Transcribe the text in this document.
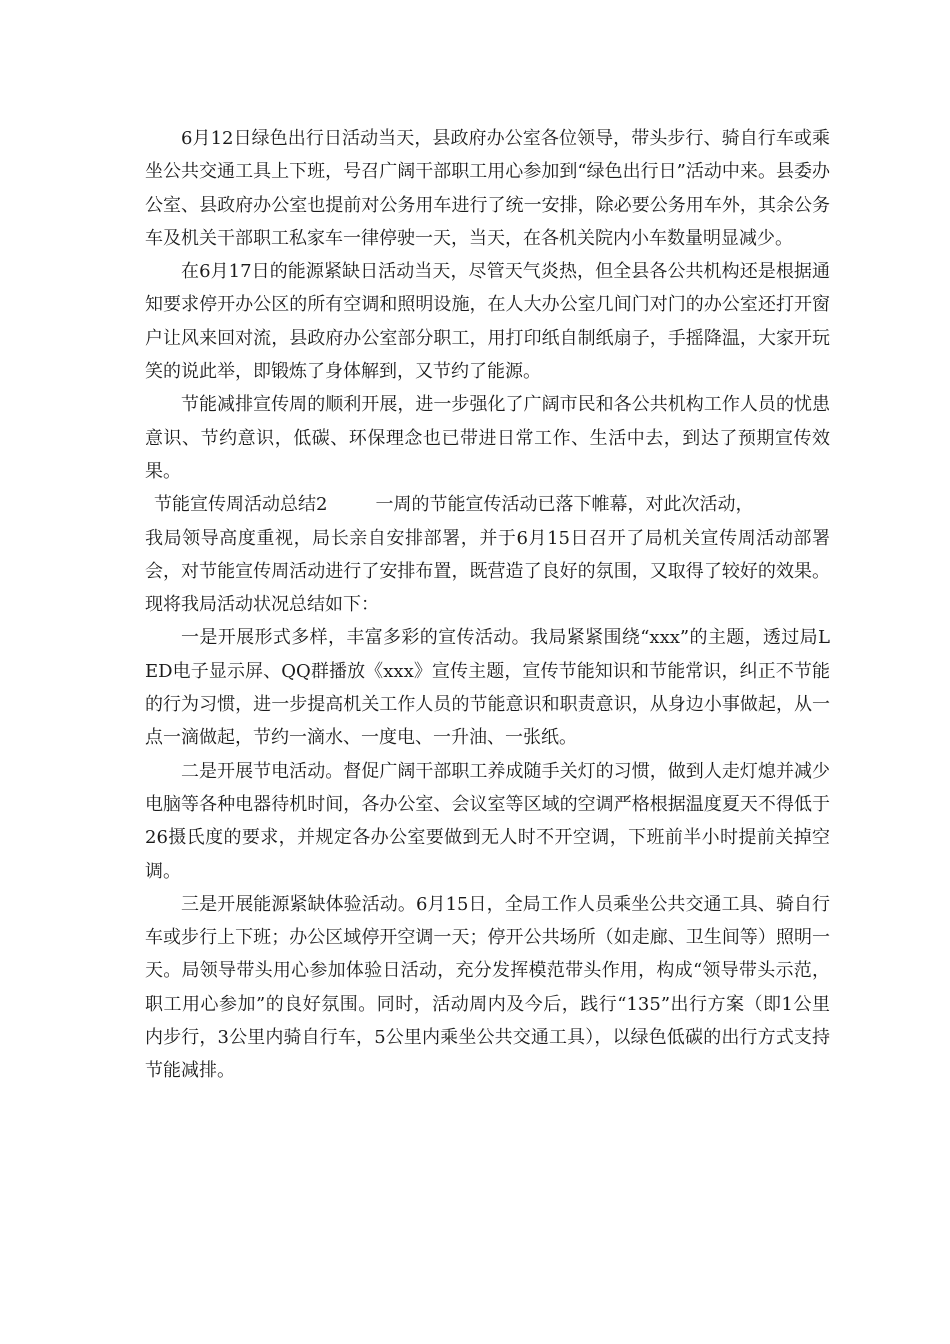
6月12日绿色出行日活动当天，县政府办公室各位领导，带头步行、骑自行车或乘坐公共交通工具上下班，号召广阔干部职工用心参加到“绿色出行日”活动中来。县委办公室、县政府办公室也提前对公务用车进行了统一安排，除必要公务用车外，其余公务车及机关干部职工私家车一律停驶一天，当天，在各机关院内小车数量明显减少。

在6月17日的能源紧缺日活动当天，尽管天气炎热，但全县各公共机构还是根据通知要求停开办公区的所有空调和照明设施，在人大办公室几间门对门的办公室还打开窗户让风来回对流，县政府办公室部分职工，用打印纸自制纸扇子，手摇降温，大家开玩笑的说此举，即锻炼了身体解到，又节约了能源。

节能减排宣传周的顺利开展，进一步强化了广阔市民和各公共机构工作人员的忧患意识、节约意识，低碳、环保理念也已带进日常工作、生活中去，到达了预期宣传效果。

节能宣传周活动总结2	一周的节能宣传活动已落下帷幕，对此次活动，

我局领导高度重视，局长亲自安排部署，并于6月15日召开了局机关宣传周活动部署会，对节能宣传周活动进行了安排布置，既营造了良好的氛围，又取得了较好的效果。现将我局活动状况总结如下：

一是开展形式多样，丰富多彩的宣传活动。我局紧紧围绕“xxx”的主题，透过局LED电子显示屏、QQ群播放《xxx》宣传主题，宣传节能知识和节能常识，纠正不节能的行为习惯，进一步提高机关工作人员的节能意识和职责意识，从身边小事做起，从一点一滴做起，节约一滴水、一度电、一升油、一张纸。

二是开展节电活动。督促广阔干部职工养成随手关灯的习惯，做到人走灯熄并减少电脑等各种电器待机时间，各办公室、会议室等区域的空调严格根据温度夏天不得低于26摄氏度的要求，并规定各办公室要做到无人时不开空调，下班前半小时提前关掉空调。

三是开展能源紧缺体验活动。6月15日，全局工作人员乘坐公共交通工具、骑自行车或步行上下班；办公区域停开空调一天；停开公共场所（如走廊、卫生间等）照明一天。局领导带头用心参加体验日活动，充分发挥模范带头作用，构成“领导带头示范，职工用心参加”的良好氛围。同时，活动周内及今后，践行“135”出行方案（即1公里内步行，3公里内骑自行车，5公里内乘坐公共交通工具），以绿色低碳的出行方式支持节能减排。
